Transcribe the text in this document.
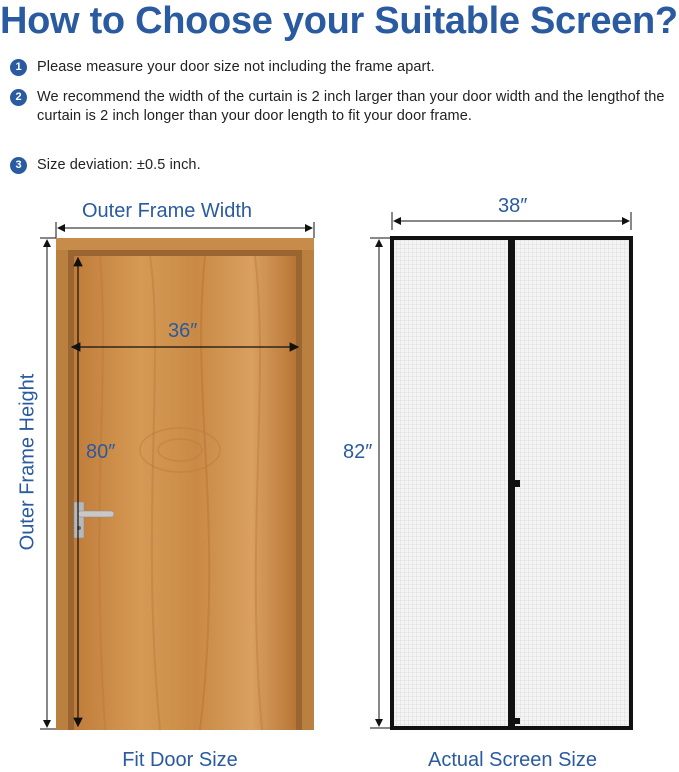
How to Choose your Suitable Screen?
1	Please measure your door size not including the frame apart.
2	We recommend the width of the curtain is 2 inch larger than your door width and the lengthof the curtain is 2 inch longer than your door length to fit your door frame.
3	Size deviation: ±0.5 inch.
Outer Frame Width
Outer Frame Height
36″
80″
Fit Door Size
38″
82″
Actual Screen Size
